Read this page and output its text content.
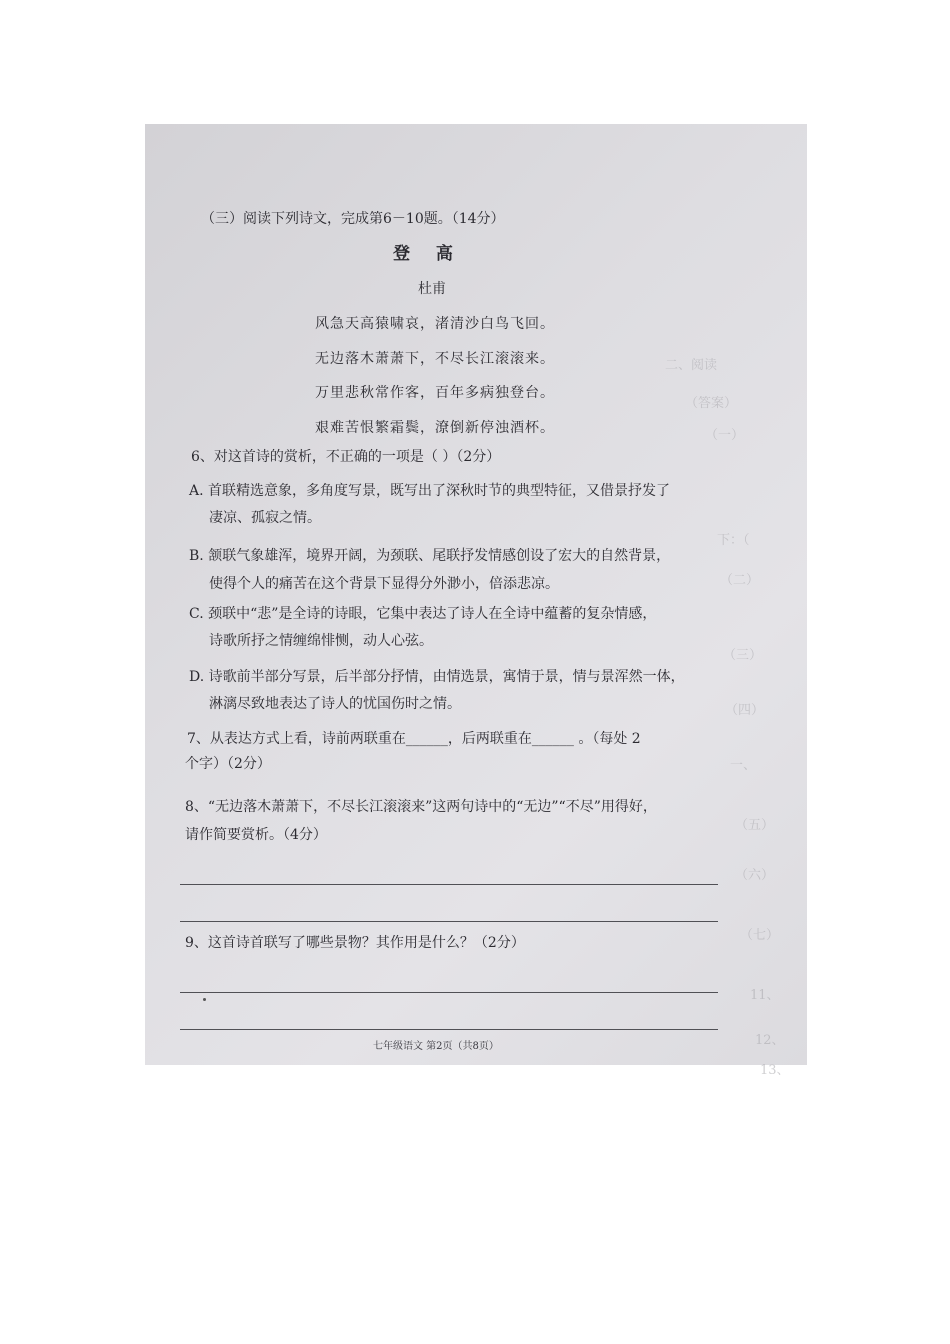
二、阅读
（答案）
（一）
下：（
（二）
（三）
（四）
一、
（五）
（六）
（七）
11、
12、
13、
（三）阅读下列诗文，完成第6－10题。（14分）
登 高
杜甫
风急天高猿啸哀，渚清沙白鸟飞回。
无边落木萧萧下，不尽长江滚滚来。
万里悲秋常作客，百年多病独登台。
艰难苦恨繁霜鬓，潦倒新停浊酒杯。
6、对这首诗的赏析，不正确的一项是（ ）（2分）
A. 首联精选意象，多角度写景，既写出了深秋时节的典型特征，又借景抒发了
凄凉、孤寂之情。
B. 颔联气象雄浑，境界开阔，为颈联、尾联抒发情感创设了宏大的自然背景，
使得个人的痛苦在这个背景下显得分外渺小，倍添悲凉。
C. 颈联中“悲”是全诗的诗眼，它集中表达了诗人在全诗中蕴蓄的复杂情感，
诗歌所抒之情缠绵悱恻，动人心弦。
D. 诗歌前半部分写景，后半部分抒情，由情选景，寓情于景，情与景浑然一体，
淋漓尽致地表达了诗人的忧国伤时之情。
7、从表达方式上看，诗前两联重在______，后两联重在______ 。（每处 2
个字）（2分）
8、“无边落木萧萧下，不尽长江滚滚来”这两句诗中的“无边”“不尽”用得好，
请作简要赏析。（4分）
9、这首诗首联写了哪些景物？其作用是什么？（2分）
七年级语文 第2页（共8页）
